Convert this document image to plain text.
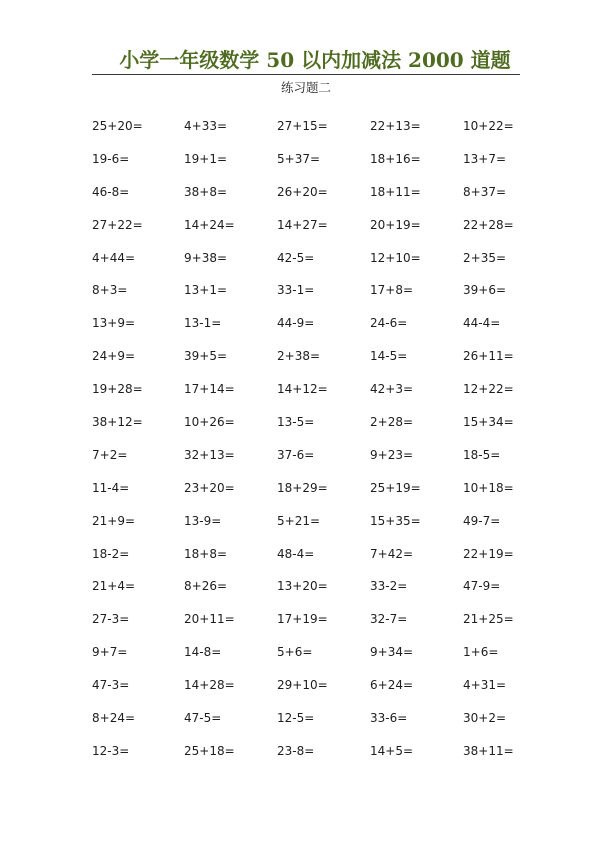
小学一年级数学 50 以内加减法 2000 道题
练习题二
25+20=	4+33=	27+15=	22+13=	10+22=
19-6=	19+1=	5+37=	18+16=	13+7=
46-8=	38+8=	26+20=	18+11=	8+37=
27+22=	14+24=	14+27=	20+19=	22+28=
4+44=	9+38=	42-5=	12+10=	2+35=
8+3=	13+1=	33-1=	17+8=	39+6=
13+9=	13-1=	44-9=	24-6=	44-4=
24+9=	39+5=	2+38=	14-5=	26+11=
19+28=	17+14=	14+12=	42+3=	12+22=
38+12=	10+26=	13-5=	2+28=	15+34=
7+2=	32+13=	37-6=	9+23=	18-5=
11-4=	23+20=	18+29=	25+19=	10+18=
21+9=	13-9=	5+21=	15+35=	49-7=
18-2=	18+8=	48-4=	7+42=	22+19=
21+4=	8+26=	13+20=	33-2=	47-9=
27-3=	20+11=	17+19=	32-7=	21+25=
9+7=	14-8=	5+6=	9+34=	1+6=
47-3=	14+28=	29+10=	6+24=	4+31=
8+24=	47-5=	12-5=	33-6=	30+2=
12-3=	25+18=	23-8=	14+5=	38+11=
